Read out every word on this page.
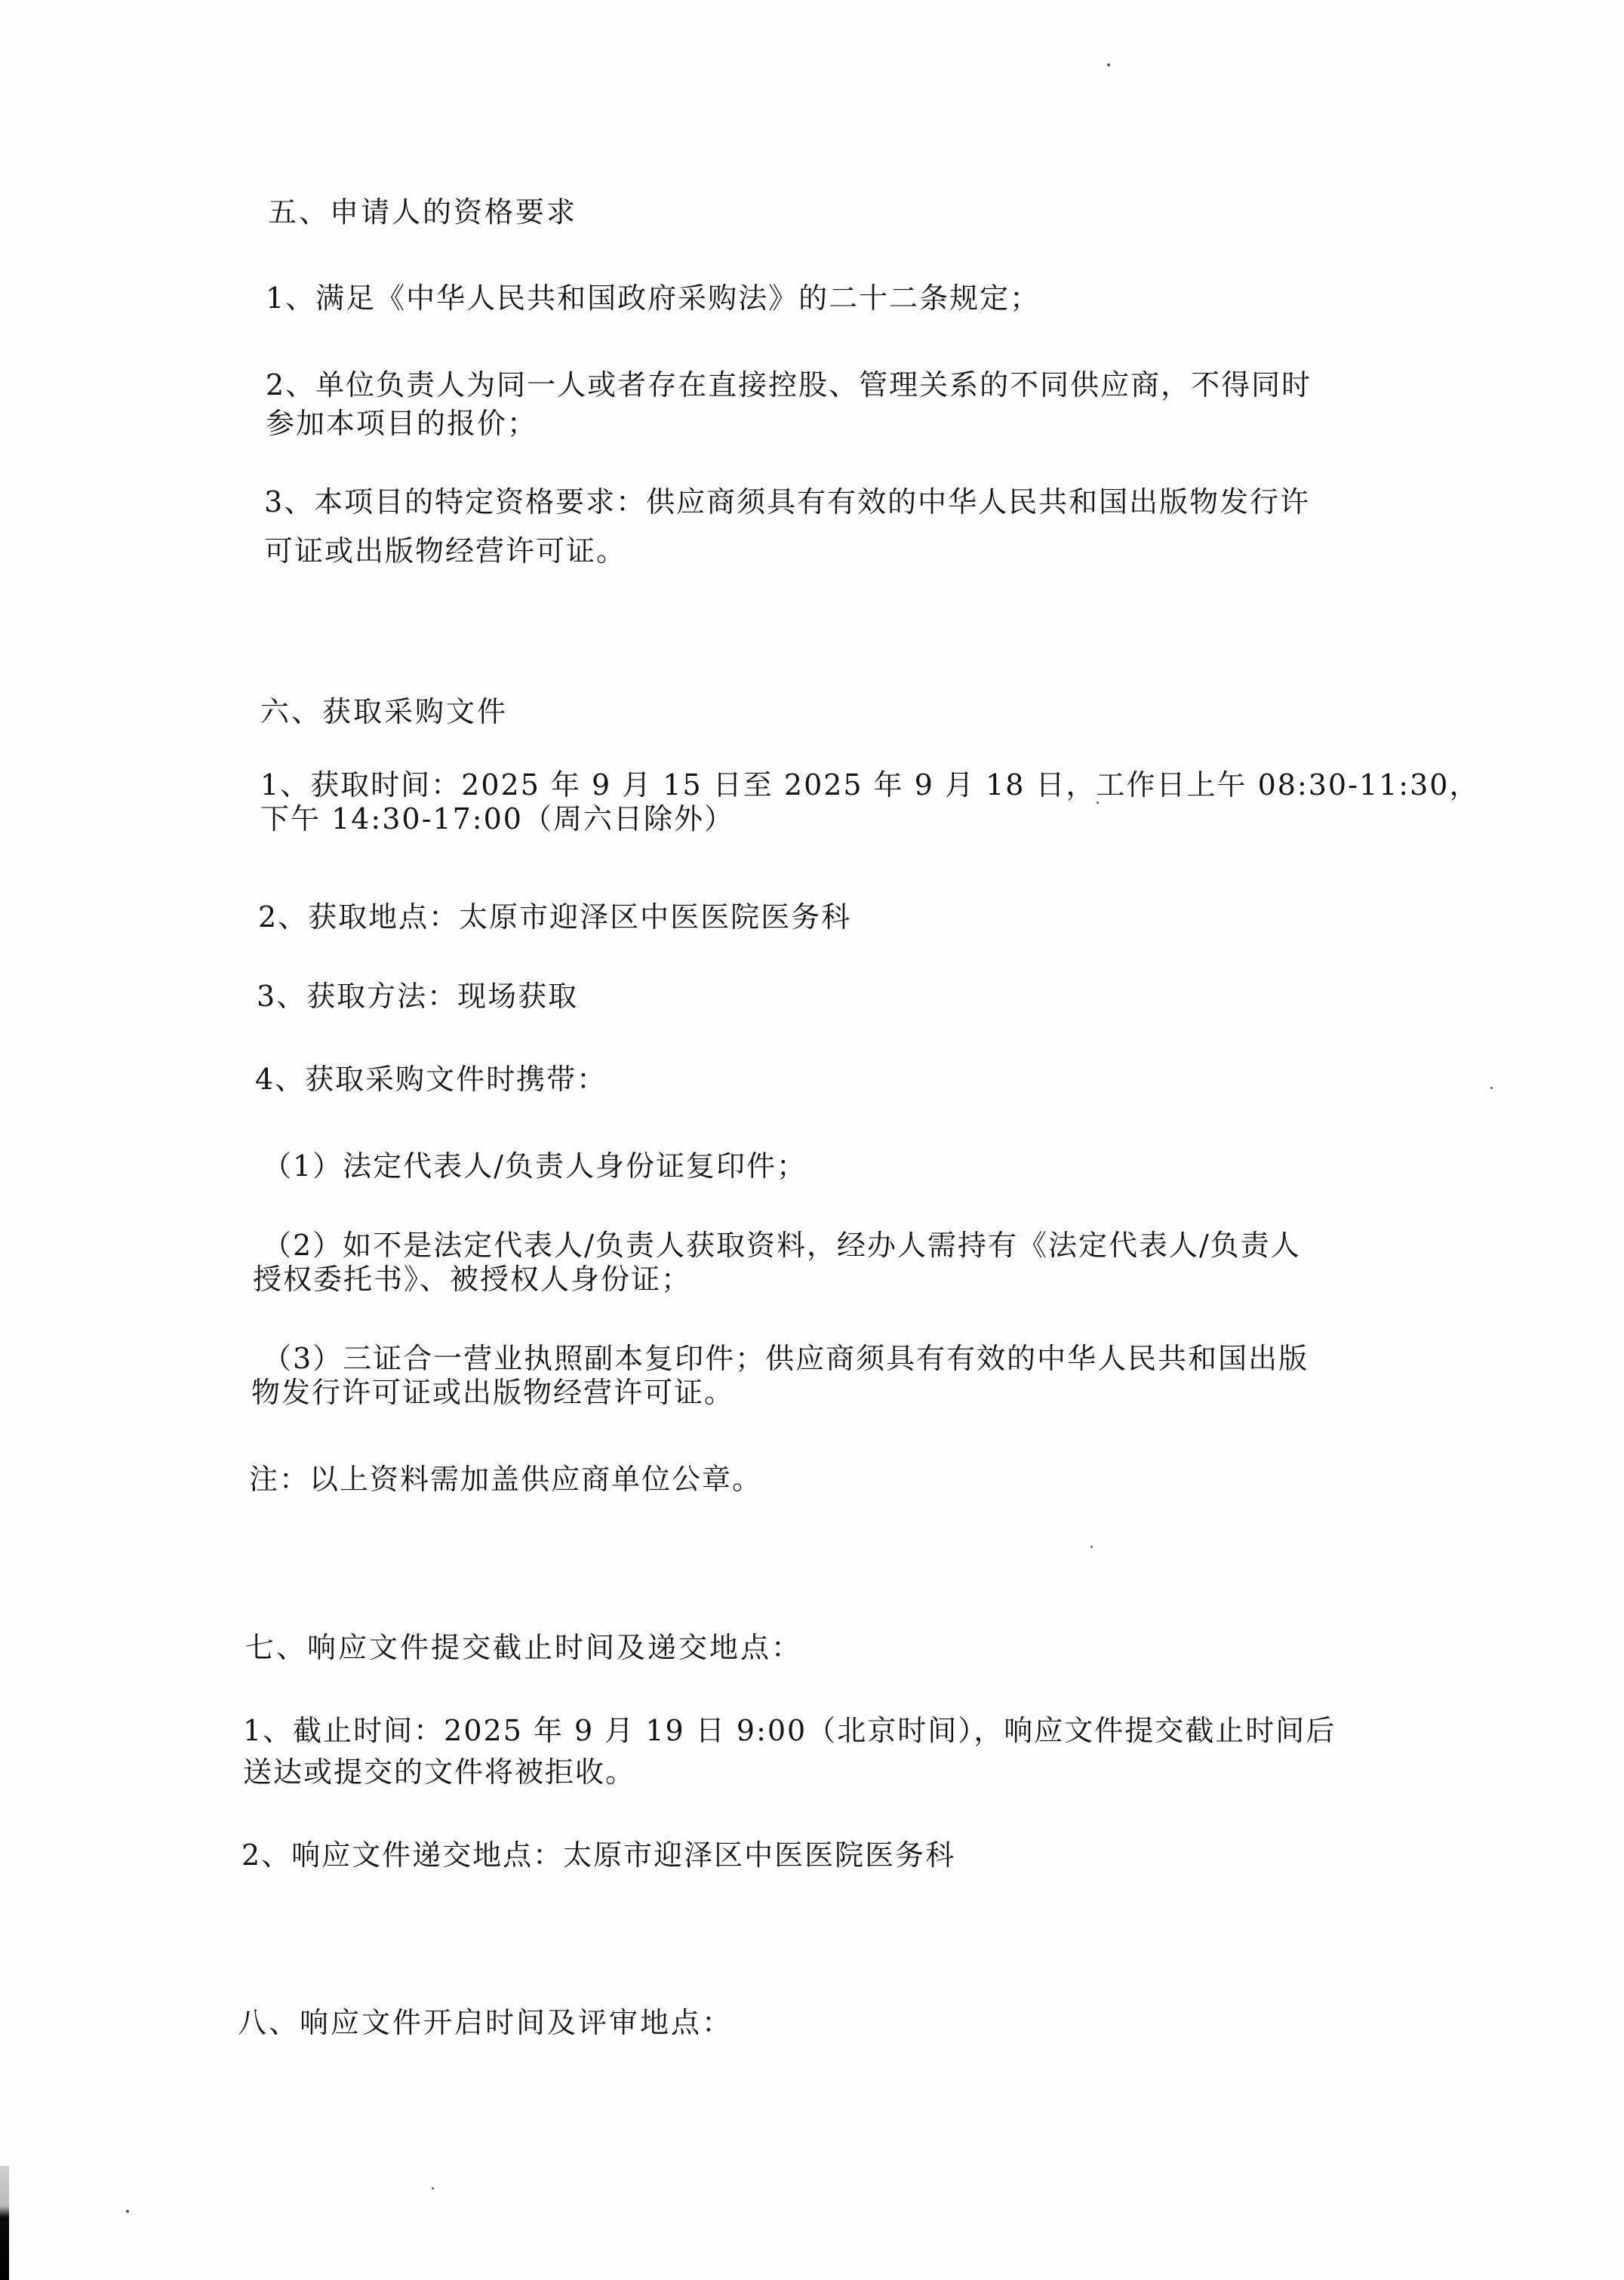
五、申请人的资格要求
1、满足《中华人民共和国政府采购法》的二十二条规定；
2、单位负责人为同一人或者存在直接控股、管理关系的不同供应商，不得同时
参加本项目的报价；
3、本项目的特定资格要求：供应商须具有有效的中华人民共和国出版物发行许
可证或出版物经营许可证。
六、获取采购文件
1、获取时间：2025 年 9 月 15 日至 2025 年 9 月 18 日，工作日上午 08:30-11:30，
下午 14:30-17:00（周六日除外）
2、获取地点：太原市迎泽区中医医院医务科
3、获取方法：现场获取
4、获取采购文件时携带：
（1）法定代表人/负责人身份证复印件；
（2）如不是法定代表人/负责人获取资料，经办人需持有《法定代表人/负责人
授权委托书》、被授权人身份证；
（3）三证合一营业执照副本复印件；供应商须具有有效的中华人民共和国出版
物发行许可证或出版物经营许可证。
注：以上资料需加盖供应商单位公章。
七、响应文件提交截止时间及递交地点：
1、截止时间：2025 年 9 月 19 日 9:00（北京时间），响应文件提交截止时间后
送达或提交的文件将被拒收。
2、响应文件递交地点：太原市迎泽区中医医院医务科
八、响应文件开启时间及评审地点：
